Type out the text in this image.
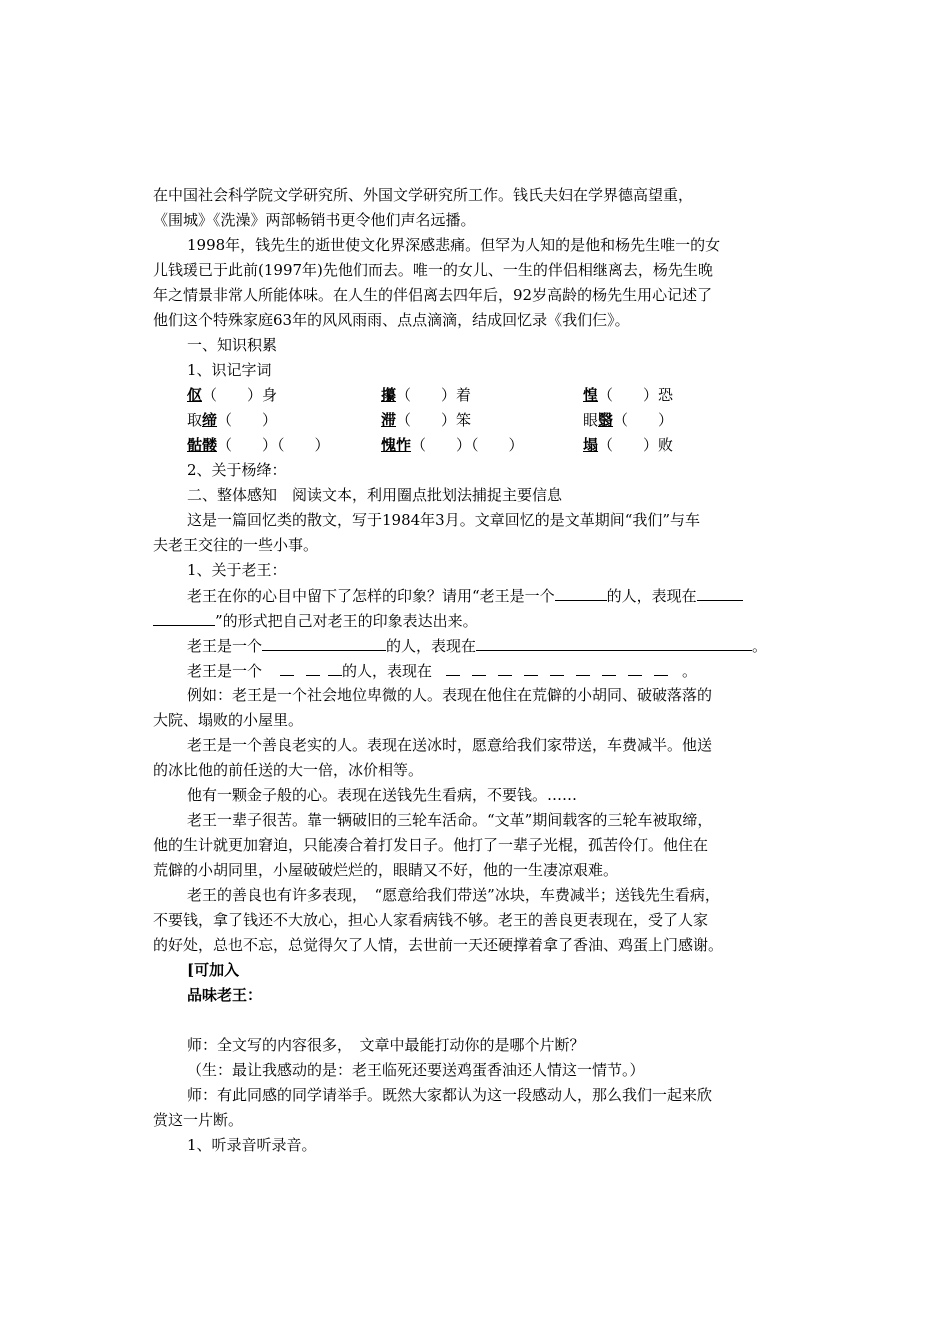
在中国社会科学院文学研究所、外国文学研究所工作。钱氏夫妇在学界德高望重，
《围城》《洗澡》两部畅销书更令他们声名远播。
1998年，钱先生的逝世使文化界深感悲痛。但罕为人知的是他和杨先生唯一的女
儿钱瑗已于此前(1997年)先他们而去。唯一的女儿、一生的伴侣相继离去，杨先生晚
年之情景非常人所能体味。在人生的伴侣离去四年后，92岁高龄的杨先生用心记述了
他们这个特殊家庭63年的风风雨雨、点点滴滴，结成回忆录《我们仨》。
一、知识积累
1、识记字词
伛（　　）身	攥（　　）着	惶（　　）恐
取缔（　　）	滞（　　）笨	眼翳（　　）
骷髅（　　）（　　）	愧怍（　　）（　　）	塌（　　）败
2、关于杨绛：
二、整体感知　阅读文本，利用圈点批划法捕捉主要信息
这是一篇回忆类的散文，写于1984年3月。文章回忆的是文革期间“我们”与车
夫老王交往的一些小事。
1、关于老王：
老王在你的心目中留下了怎样的印象？请用“老王是一个	的人，表现在
”的形式把自己对老王的印象表达出来。
老王是一个	的人，表现在	。
老王是一个	的人，表现在	。
例如：老王是一个社会地位卑微的人。表现在他住在荒僻的小胡同、破破落落的
大院、塌败的小屋里。
老王是一个善良老实的人。表现在送冰时，愿意给我们家带送，车费减半。他送
的冰比他的前任送的大一倍，冰价相等。
他有一颗金子般的心。表现在送钱先生看病，不要钱。……
老王一辈子很苦。靠一辆破旧的三轮车活命。“文革”期间载客的三轮车被取缔，
他的生计就更加窘迫，只能凑合着打发日子。他打了一辈子光棍，孤苦伶仃。他住在
荒僻的小胡同里，小屋破破烂烂的，眼睛又不好，他的一生凄凉艰难。
老王的善良也有许多表现，　“愿意给我们带送”冰块，车费减半；送钱先生看病，
不要钱，拿了钱还不大放心，担心人家看病钱不够。老王的善良更表现在，受了人家
的好处，总也不忘，总觉得欠了人情，去世前一天还硬撑着拿了香油、鸡蛋上门感谢。
[可加入
品味老王：
师：全文写的内容很多，　文章中最能打动你的是哪个片断？
（生：最让我感动的是：老王临死还要送鸡蛋香油还人情这一情节。）
师：有此同感的同学请举手。既然大家都认为这一段感动人，那么我们一起来欣
赏这一片断。
1、听录音听录音。
